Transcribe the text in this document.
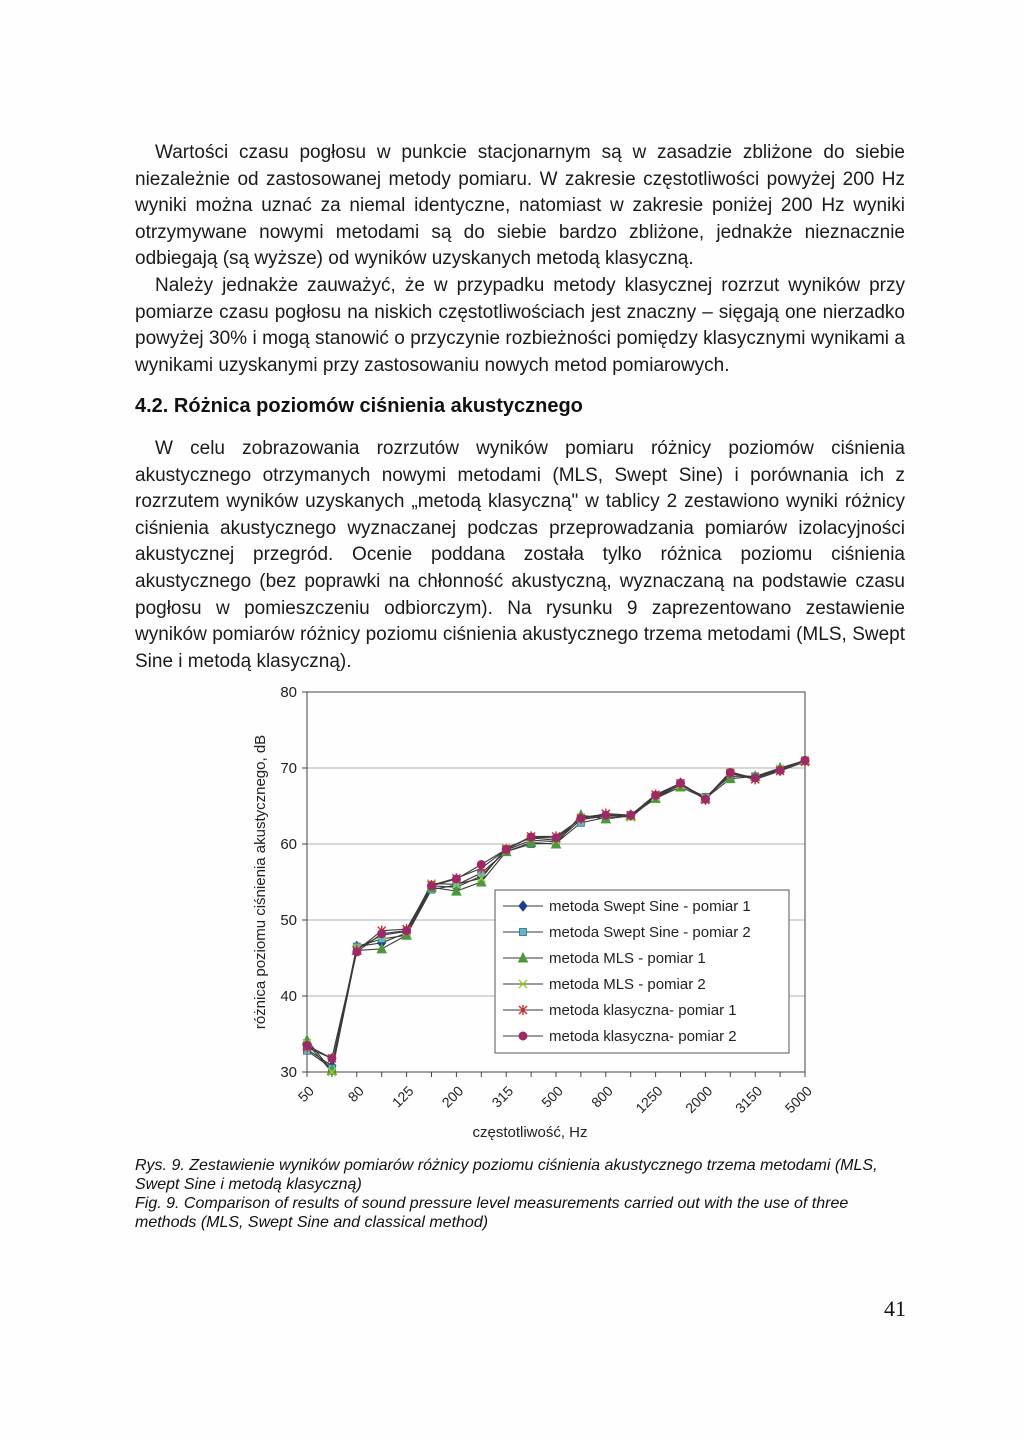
Wartości czasu pogłosu w punkcie stacjonarnym są w zasadzie zbliżone do siebie niezależnie od zastosowanej metody pomiaru. W zakresie częstotliwości powyżej 200 Hz wyniki można uznać za niemal identyczne, natomiast w zakresie poniżej 200 Hz wyniki otrzymywane nowymi metodami są do siebie bardzo zbliżone, jednakże nieznacznie odbiegają (są wyższe) od wyników uzyskanych metodą klasyczną.

Należy jednakże zauważyć, że w przypadku metody klasycznej rozrzut wyników przy pomiarze czasu pogłosu na niskich częstotliwościach jest znaczny – sięgają one nierzadko powyżej 30% i mogą stanowić o przyczynie rozbieżności pomiędzy klasycznymi wynikami a wynikami uzyskanymi przy zastosowaniu nowych metod pomiarowych.

4.2. Różnica poziomów ciśnienia akustycznego

W celu zobrazowania rozrzutów wyników pomiaru różnicy poziomów ciśnienia akustycznego otrzymanych nowymi metodami (MLS, Swept Sine) i porównania ich z rozrzutem wyników uzyskanych „metodą klasyczną" w tablicy 2 zestawiono wyniki różnicy ciśnienia akustycznego wyznaczanej podczas przeprowadzania pomiarów izolacyjności akustycznej przegród. Ocenie poddana została tylko różnica poziomu ciśnienia akustycznego (bez poprawki na chłonność akustyczną, wyznaczaną na podstawie czasu pogłosu w pomieszczeniu odbiorczym). Na rysunku 9 zaprezentowano zestawienie wyników pomiarów różnicy poziomu ciśnienia akustycznego trzema metodami (MLS, Swept Sine i metodą klasyczną).

30
40
50
60
70
80
50 80 125 200 315 500 800 1250 2000 3150 5000
różnica poziomu ciśnienia akustycznego, dB
częstotliwość, Hz
metoda Swept Sine - pomiar 1
metoda Swept Sine - pomiar 2
metoda MLS - pomiar 1
metoda MLS - pomiar 2
metoda klasyczna- pomiar 1
metoda klasyczna- pomiar 2

Rys. 9. Zestawienie wyników pomiarów różnicy poziomu ciśnienia akustycznego trzema metodami (MLS, Swept Sine i metodą klasyczną)

Fig. 9. Comparison of results of sound pressure level measurements carried out with the use of three methods (MLS, Swept Sine and classical method)

41
